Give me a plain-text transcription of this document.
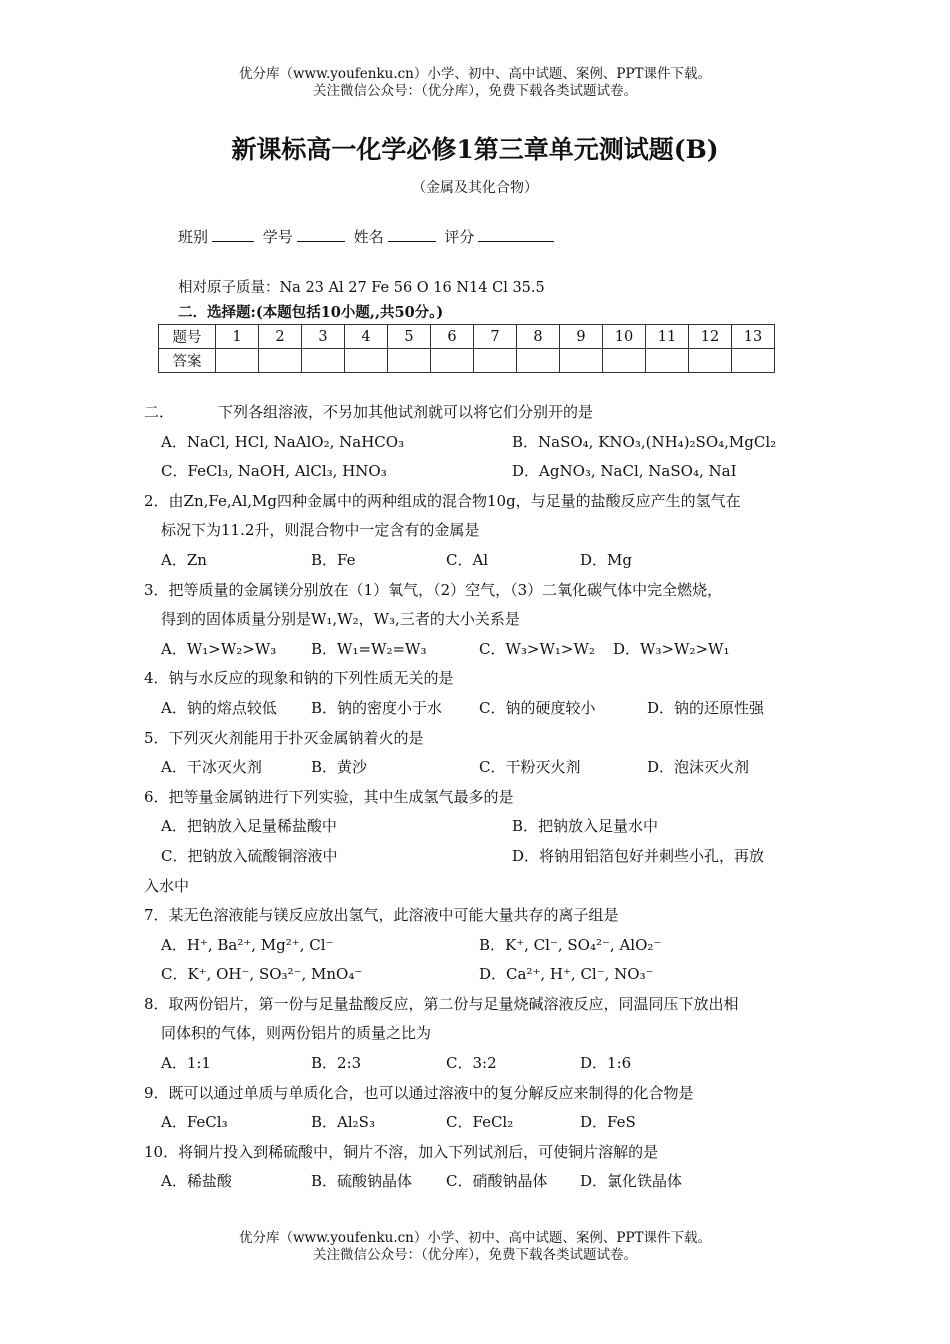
优分库（www.youfenku.cn）小学、初中、高中试题、案例、PPT课件下载。
关注微信公众号：（优分库），免费下载各类试题试卷。
新课标高一化学必修1第三章单元测试题(B)
（金属及其化合物）
班别	学号	姓名	评分
相对原子质量：Na 23 Al 27 Fe 56 O 16 N14 Cl 35.5
二．选择题:(本题包括10小题,,共50分。)
题号	1	2	3	4	5	6	7	8	9	10	11	12	13
答案													
二．	下列各组溶液，不另加其他试剂就可以将它们分别开的是
A．NaCl, HCl, NaAlO₂, NaHCO₃	B．NaSO₄, KNO₃,(NH₄)₂SO₄,MgCl₂
C．FeCl₃, NaOH, AlCl₃, HNO₃	D．AgNO₃, NaCl, NaSO₄, NaI
2．由Zn,Fe,Al,Mg四种金属中的两种组成的混合物10g，与足量的盐酸反应产生的氢气在
标况下为11.2升，则混合物中一定含有的金属是
A．Zn	B．Fe	C．Al	D．Mg
3．把等质量的金属镁分别放在（1）氧气，（2）空气，（3）二氧化碳气体中完全燃烧，
得到的固体质量分别是W₁,W₂，W₃,三者的大小关系是
A．W₁>W₂>W₃ B．W₁=W₂=W₃	C．W₃>W₁>W₂ D．W₃>W₂>W₁
4．钠与水反应的现象和钠的下列性质无关的是
A．钠的熔点较低 B．钠的密度小于水 C．钠的硬度较小	D．钠的还原性强
5．下列灭火剂能用于扑灭金属钠着火的是
A．干冰灭火剂	B．黄沙	C．干粉灭火剂	D．泡沫灭火剂
6．把等量金属钠进行下列实验，其中生成氢气最多的是
A．把钠放入足量稀盐酸中	B．把钠放入足量水中
C．把钠放入硫酸铜溶液中	D．将钠用铝箔包好并刺些小孔，再放
入水中
7．某无色溶液能与镁反应放出氢气，此溶液中可能大量共存的离子组是
A．H⁺, Ba²⁺, Mg²⁺, Cl⁻	B．K⁺, Cl⁻, SO₄²⁻, AlO₂⁻
C．K⁺, OH⁻, SO₃²⁻, MnO₄⁻	D．Ca²⁺, H⁺, Cl⁻, NO₃⁻
8．取两份铝片，第一份与足量盐酸反应，第二份与足量烧碱溶液反应，同温同压下放出相
同体积的气体，则两份铝片的质量之比为
A．1:1	B．2:3	C．3:2	D．1:6
9．既可以通过单质与单质化合，也可以通过溶液中的复分解反应来制得的化合物是
A．FeCl₃	B．Al₂S₃	C．FeCl₂	D．FeS
10．将铜片投入到稀硫酸中，铜片不溶，加入下列试剂后，可使铜片溶解的是
A．稀盐酸	B．硫酸钠晶体 C．硝酸钠晶体 D．氯化铁晶体
优分库（www.youfenku.cn）小学、初中、高中试题、案例、PPT课件下载。
关注微信公众号：（优分库），免费下载各类试题试卷。
